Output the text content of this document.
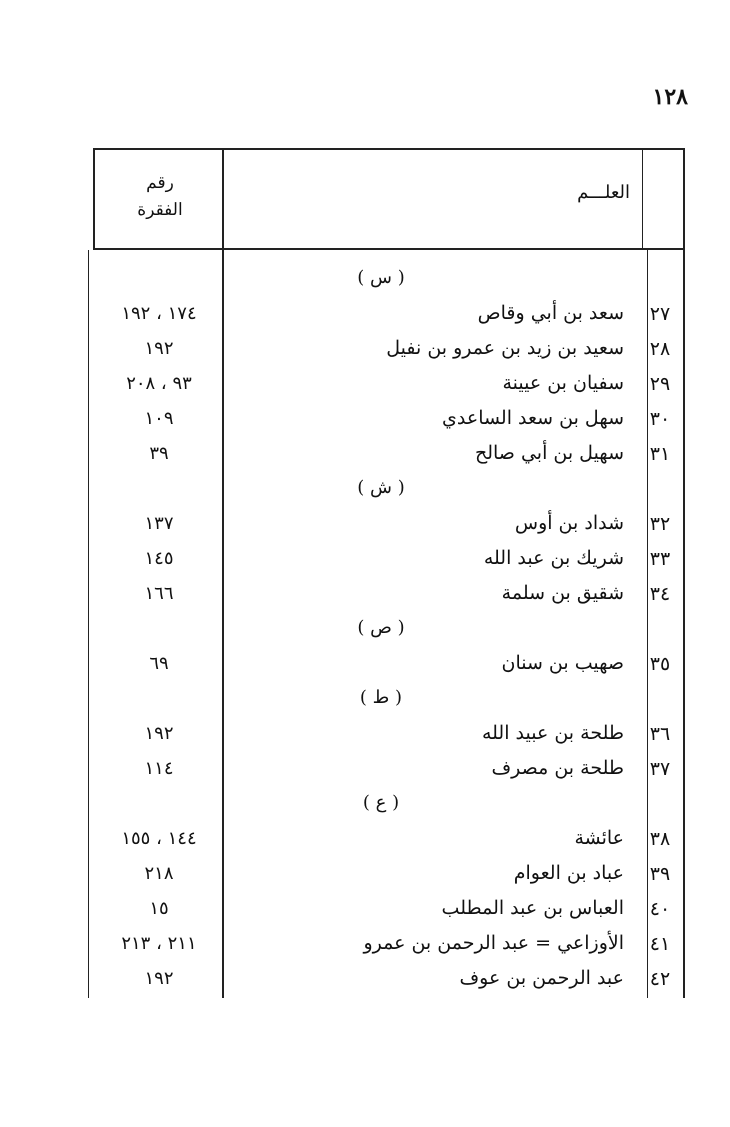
١٢٨
رقم
الفقرة
العلـــم
( س )
٢٧
سعد بن أبي وقاص
١٧٤ ، ١٩٢
٢٨
سعيد بن زيد بن عمرو بن نفيل
١٩٢
٢٩
سفيان بن عيينة
٩٣ ، ٢٠٨
٣٠
سهل بن سعد الساعدي
١٠٩
٣١
سهيل بن أبي صالح
٣٩
( ش )
٣٢
شداد بن أوس
١٣٧
٣٣
شريك بن عبد الله
١٤٥
٣٤
شقيق بن سلمة
١٦٦
( ص )
٣٥
صهيب بن سنان
٦٩
( ط )
٣٦
طلحة بن عبيد الله
١٩٢
٣٧
طلحة بن مصرف
١١٤
( ع )
٣٨
عائشة
١٤٤ ، ١٥٥
٣٩
عباد بن العوام
٢١٨
٤٠
العباس بن عبد المطلب
١٥
٤١
الأوزاعي = عبد الرحمن بن عمرو
٢١١ ، ٢١٣
٤٢
عبد الرحمن بن عوف
١٩٢
